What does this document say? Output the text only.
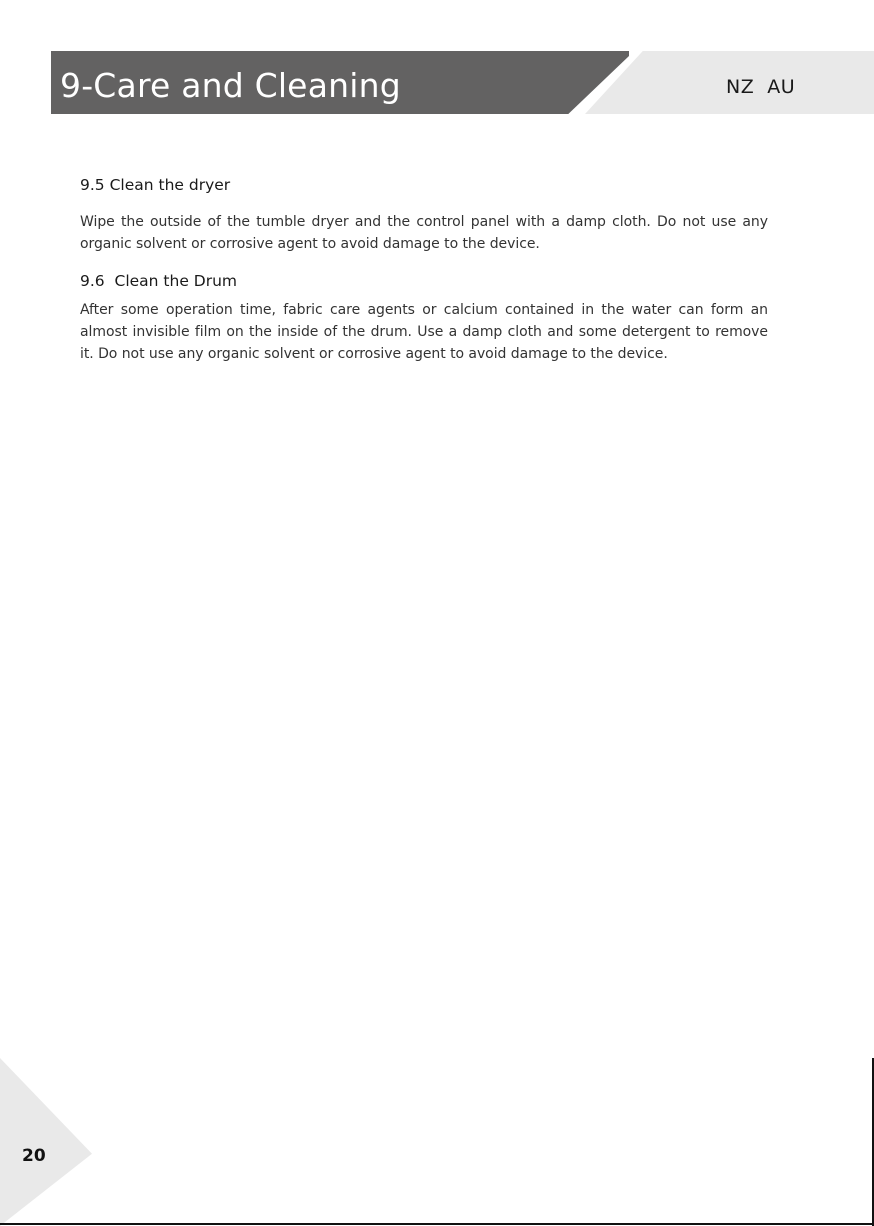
9-Care and Cleaning	NZ  AU
9.5 Clean the dryer

Wipe the outside of the tumble dryer and the control panel with a damp cloth. Do not use any organic solvent or corrosive agent to avoid damage to the device.

9.6  Clean the Drum

After some operation time, fabric care agents or calcium contained in the water can form an almost invisible film on the inside of the drum. Use a damp cloth and some detergent to remove it. Do not use any organic solvent or corrosive agent to avoid damage to the device.

20
